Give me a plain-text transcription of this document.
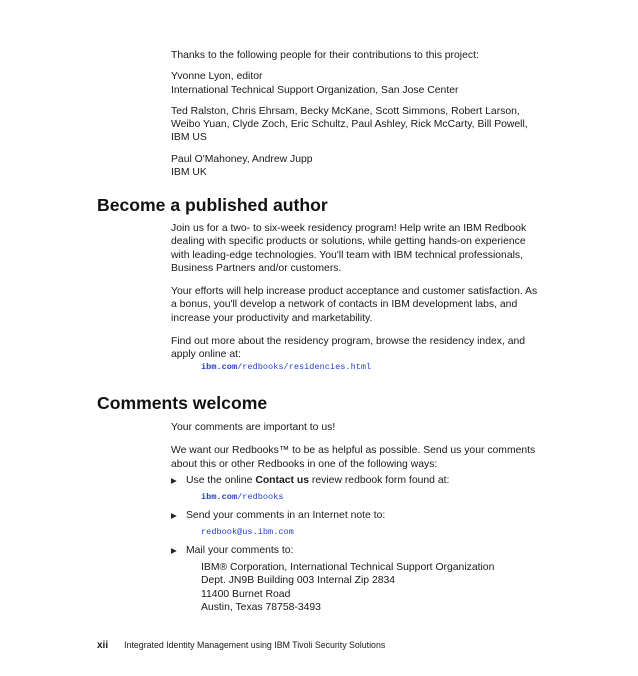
Thanks to the following people for their contributions to this project:

Yvonne Lyon, editor
International Technical Support Organization, San Jose Center

Ted Ralston, Chris Ehrsam, Becky McKane, Scott Simmons, Robert Larson,
Weibo Yuan, Clyde Zoch, Eric Schultz, Paul Ashley, Rick McCarty, Bill Powell,
IBM US

Paul O'Mahoney, Andrew Jupp
IBM UK

Become a published author

Join us for a two- to six-week residency program! Help write an IBM Redbook
dealing with specific products or solutions, while getting hands-on experience
with leading-edge technologies. You'll team with IBM technical professionals,
Business Partners and/or customers.

Your efforts will help increase product acceptance and customer satisfaction. As
a bonus, you'll develop a network of contacts in IBM development labs, and
increase your productivity and marketability.

Find out more about the residency program, browse the residency index, and
apply online at:

ibm.com/redbooks/residencies.html
Comments welcome

Your comments are important to us!

We want our Redbooks™ to be as helpful as possible. Send us your comments
about this or other Redbooks in one of the following ways:

▶ Use the online Contact us review redbook form found at:
ibm.com/redbooks
▶ Send your comments in an Internet note to:
redbook@us.ibm.com
▶ Mail your comments to:
IBM® Corporation, International Technical Support Organization
Dept. JN9B Building 003 Internal Zip 2834
11400 Burnet Road
Austin, Texas 78758-3493
xii Integrated Identity Management using IBM Tivoli Security Solutions
